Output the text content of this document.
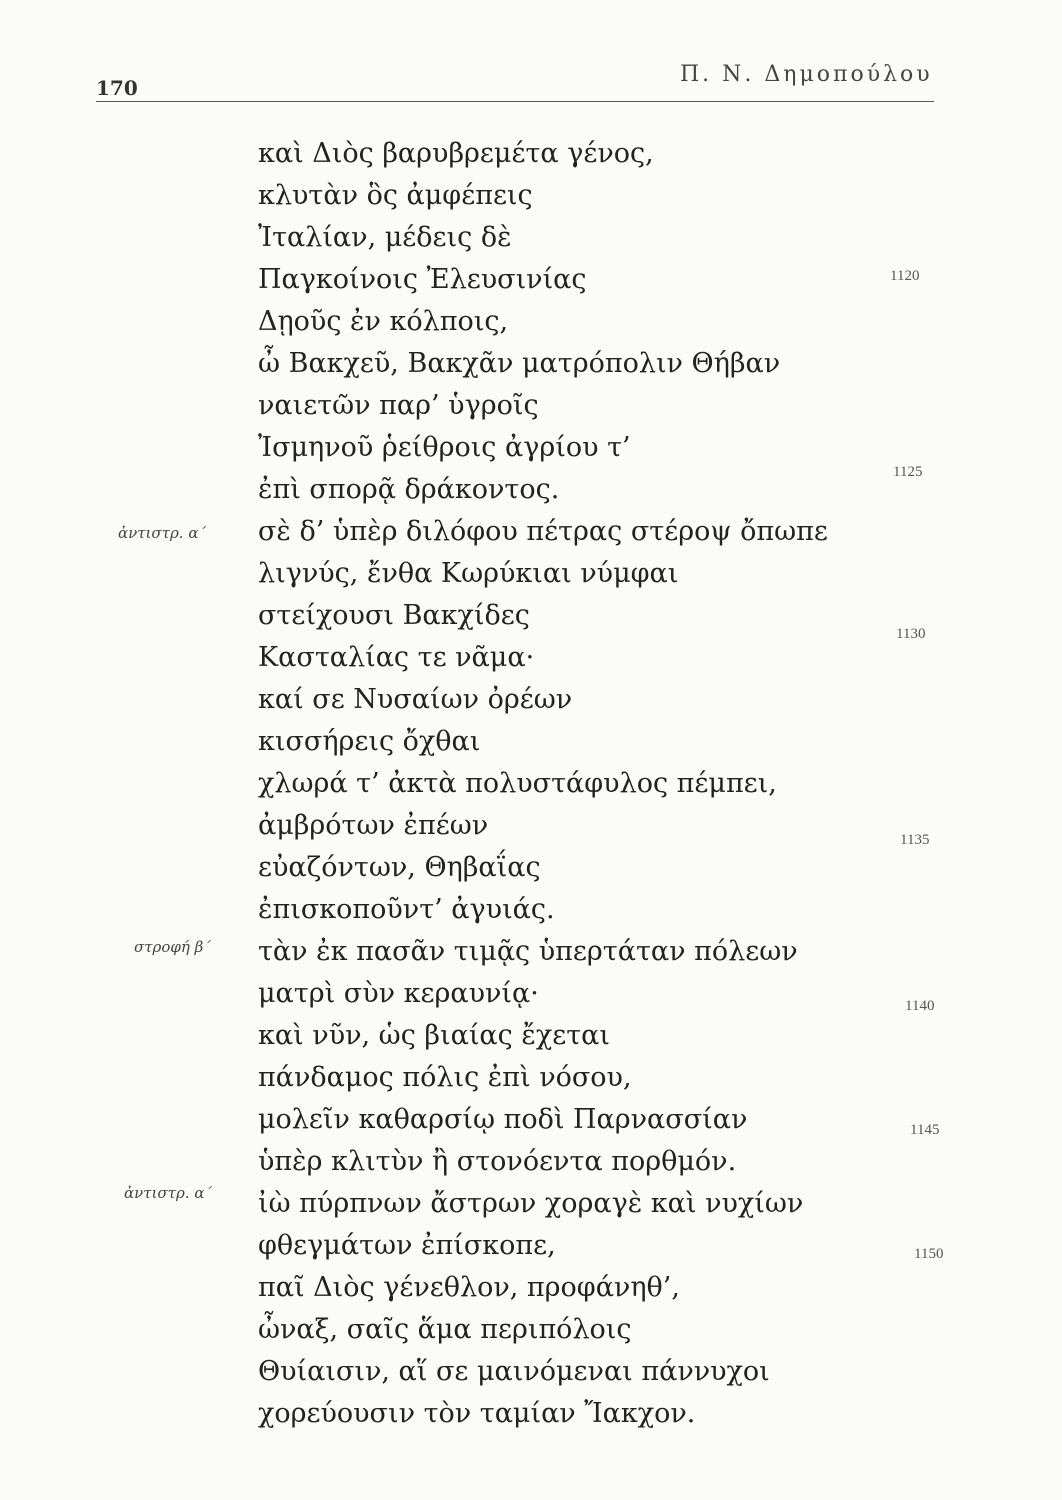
170
Π. Ν. Δημοπούλου
καὶ Διὸς βαρυβρεμέτα γένος,
κλυτὰν ὃς ἀμφέπεις
Ἰταλίαν, μέδεις δὲ
Παγκοίνοις Ἐλευσινίας
Δῃοῦς ἐν κόλποις,
ὦ Βακχεῦ, Βακχᾶν ματρόπολιν Θήβαν
ναιετῶν παρ’ ὑγροῖς
Ἰσμηνοῦ ῥείθροις ἀγρίου τ’
ἐπὶ σπορᾷ δράκοντος.
σὲ δ’ ὑπὲρ διλόφου πέτρας στέροψ ὄπωπε
λιγνύς, ἔνθα Κωρύκιαι νύμφαι
στείχουσι Βακχίδες
Κασταλίας τε νᾶμα·
καί σε Νυσαίων ὀρέων
κισσήρεις ὄχθαι
χλωρά τ’ ἀκτὰ πολυστάφυλος πέμπει,
ἀμβρότων ἐπέων
εὐαζόντων, Θηβαΐας
ἐπισκοποῦντ’ ἀγυιάς.
τὰν ἐκ πασᾶν τιμᾷς ὑπερτάταν πόλεων
ματρὶ σὺν κεραυνίᾳ·
καὶ νῦν, ὡς βιαίας ἔχεται
πάνδαμος πόλις ἐπὶ νόσου,
μολεῖν καθαρσίῳ ποδὶ Παρνασσίαν
ὑπὲρ κλιτὺν ἢ στονόεντα πορθμόν.
ἰὼ πύρπνων ἄστρων χοραγὲ καὶ νυχίων
φθεγμάτων ἐπίσκοπε,
παῖ Διὸς γένεθλον, προφάνηθ’,
ὦναξ, σαῖς ἅμα περιπόλοις
Θυίαισιν, αἵ σε μαινόμεναι πάννυχοι
χορεύουσιν τὸν ταμίαν Ἴακχον.
1120
1125
1130
1135
1140
1145
1150
ἀντιστρ. α΄
στροφή β΄
ἀντιστρ. α΄
